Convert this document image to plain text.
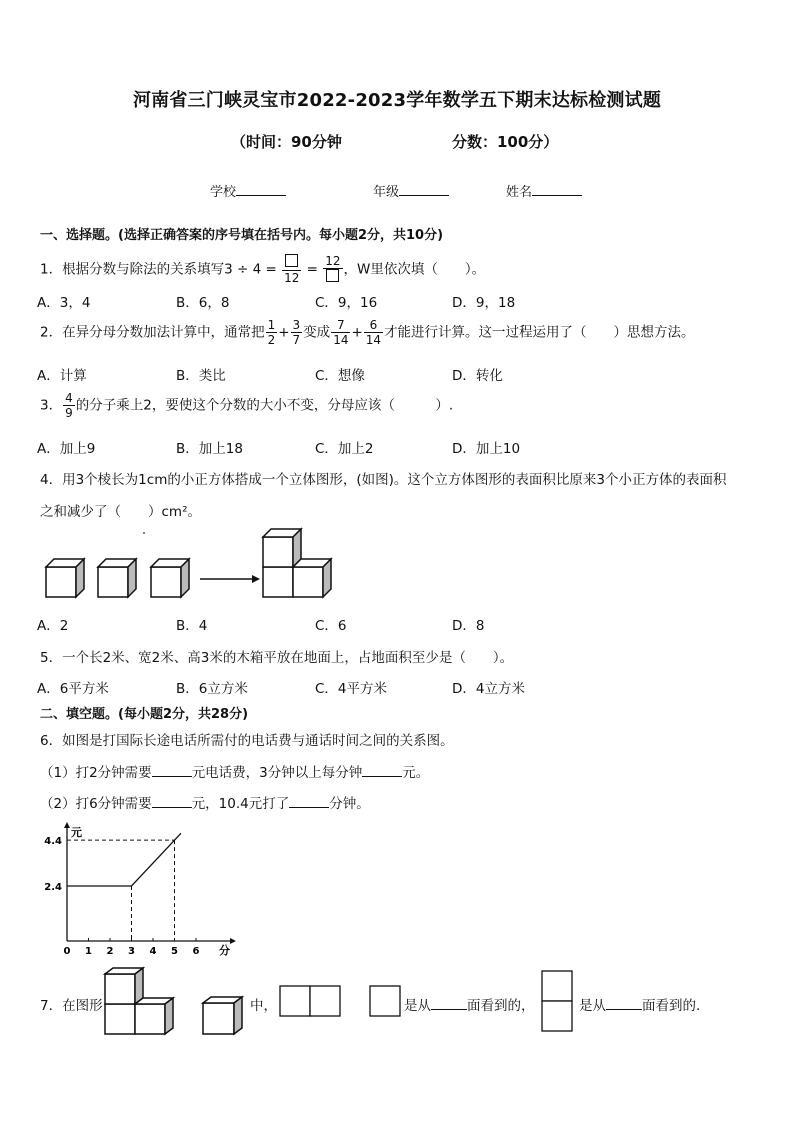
河南省三门峡灵宝市2022-2023学年数学五下期末达标检测试题
（时间：90分钟	分数：100分）
学校	年级	姓名
一、选择题。(选择正确答案的序号填在括号内。每小题2分，共10分)
1．根据分数与除法的关系填写3 ÷ 4 =
12
=
12
，W里依次填（　　）。
A．3，4	B．6，8	C．9，16	D．9，18
2．在异分母分数加法计算中，通常把 $\frac{1}{2} + \frac{3}{7}$ 变成 $\frac{7}{14} + \frac{6}{14}$ 才能进行计算。这一过程运用了（　　）思想方法。
A．计算	B．类比	C．想像	D．转化
3． $\frac{4}{9}$ 的分子乘上2，要使这个分数的大小不变，分母应该（　　　）.
A．加上9	B．加上18	C．加上2	D．加上10
4．用3个棱长为1cm的小正方体搭成一个立体图形，(如图)。这个立方体图形的表面积比原来3个小正方体的表面积
之和减少了（　　）cm²。
A．2	B．4	C．6	D．8
5．一个长2米、宽2米、高3米的木箱平放在地面上，占地面积至少是（　　）。
A．6平方米	B．6立方米	C．4平方米	D．4立方米
二、填空题。(每小题2分，共28分)
6．如图是打国际长途电话所需付的电话费与通话时间之间的关系图。
（1）打2分钟需要	元电话费，3分钟以上每分钟	元。
（2）打6分钟需要	元，10.4元打了	分钟。
0 1 2 3 4 5 6 分
元
2.4
4.4
7．在图形	中，	是从	面看到的，	是从	面看到的.
